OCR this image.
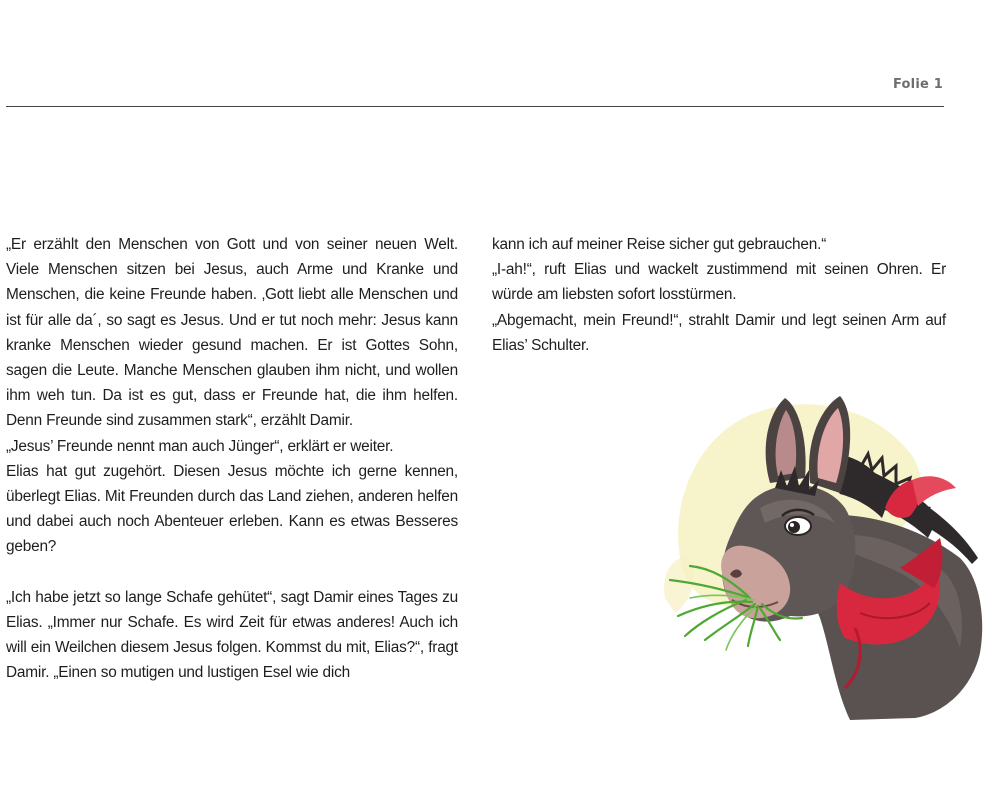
Folie 1

„Er erzählt den Menschen von Gott und von seiner neuen Welt. Viele Menschen sitzen bei Jesus, auch Arme und Kranke und Menschen, die keine Freunde haben. ‚Gott liebt alle Menschen und ist für alle da´, so sagt es Jesus. Und er tut noch mehr: Jesus kann kranke Menschen wieder gesund machen. Er ist Gottes Sohn, sagen die Leute. Manche Menschen glauben ihm nicht, und wollen ihm weh tun. Da ist es gut, dass er Freunde hat, die ihm helfen. Denn Freunde sind zusammen stark“, erzählt Damir.

„Jesus’ Freunde nennt man auch Jünger“, erklärt er weiter.

Elias hat gut zugehört. Diesen Jesus möchte ich gerne kennen, überlegt Elias. Mit Freunden durch das Land ziehen, anderen helfen und dabei auch noch Abenteuer erleben. Kann es etwas Besseres geben?

„Ich habe jetzt so lange Schafe gehütet“, sagt Damir eines Tages zu Elias. „Immer nur Schafe. Es wird Zeit für etwas anderes! Auch ich will ein Weilchen diesem Jesus folgen. Kommst du mit, Elias?“, fragt Damir. „Einen so mutigen und lustigen Esel wie dich

kann ich auf meiner Reise sicher gut gebrauchen.“

„I-ah!“, ruft Elias und wackelt zustimmend mit seinen Ohren. Er würde am liebsten sofort losstürmen.

„Abgemacht, mein Freund!“, strahlt Damir und legt seinen Arm auf Elias’ Schulter.
